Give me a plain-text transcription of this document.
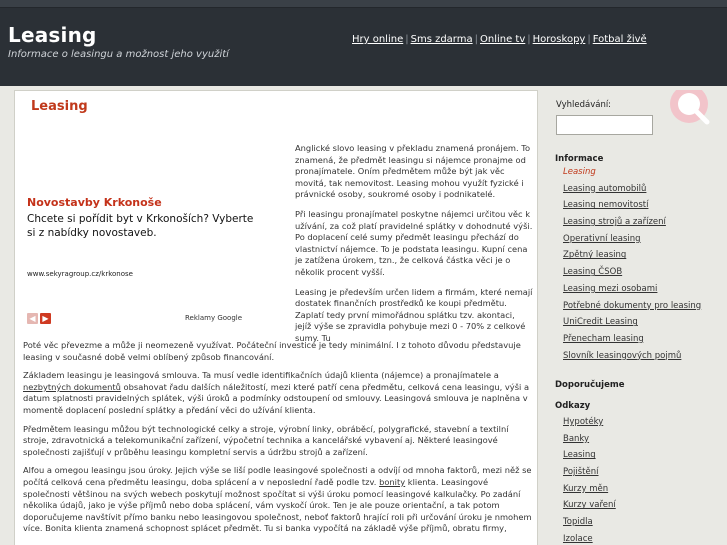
Leasing
Informace o leasingu a možnost jeho využití
Hry online | Sms zdarma | Online tv | Horoskopy | Fotbal živě
Leasing
Novostavby Krkonoše
Chcete si pořídit byt v Krkonoších? Vyberte si z nabídky novostaveb.
www.sekyragroup.cz/krkonose
◀ ▶	Reklamy Google

Anglické slovo leasing v překladu znamená pronájem. To znamená, že předmět leasingu si nájemce pronajme od pronajímatele. Oním předmětem může být jak věc movitá, tak nemovitost. Leasing mohou využít fyzické i právnické osoby, soukromé osoby i podnikatelé.

Při leasingu pronajímatel poskytne nájemci určitou věc k užívání, za což platí pravidelné splátky v dohodnuté výši. Po doplacení celé sumy předmět leasingu přechází do vlastnictví nájemce. To je podstata leasingu. Kupní cena je zatížena úrokem, tzn., že celková částka věci je o několik procent vyšší.

Leasing je především určen lidem a firmám, které nemají dostatek finančních prostředků ke koupi předmětu. Zaplatí tedy první mimořádnou splátku tzv. akontaci, jejíž výše se zpravidla pohybuje mezi 0 - 70% z celkové sumy. Tu

Poté věc převezme a může ji neomezeně využívat. Počáteční investice je tedy minimální. I z tohoto důvodu představuje leasing v současné době velmi oblíbený způsob financování.

Základem leasingu je leasingová smlouva. Ta musí vedle identifikačních údajů klienta (nájemce) a pronajímatele a nezbytných dokumentů obsahovat řadu dalších náležitostí, mezi které patří cena předmětu, celková cena leasingu, výši a datum splatnosti pravidelných splátek, výši úroků a podmínky odstoupení od smlouvy. Leasingová smlouva je naplněna v momentě doplacení poslední splátky a předání věci do užívání klienta.

Předmětem leasingu můžou být technologické celky a stroje, výrobní linky, obráběcí, polygrafické, stavební a textilní stroje, zdravotnická a telekomunikační zařízení, výpočetní technika a kancelářské vybavení aj. Některé leasingové společnosti zajišťují v průběhu leasingu kompletní servis a údržbu strojů a zařízení.

Alfou a omegou leasingu jsou úroky. Jejich výše se liší podle leasingové společnosti a odvíjí od mnoha faktorů, mezi něž se počítá celková cena předmětu leasingu, doba splácení a v neposlední řadě podle tzv. bonity klienta. Leasingové společnosti většinou na svých webech poskytují možnost spočítat si výši úroku pomocí leasingové kalkulačky. Po zadání několika údajů, jako je výše příjmů nebo doba splácení, vám vyskočí úrok. Ten je ale pouze orientační, a tak potom doporučujeme navštívit přímo banku nebo leasingovou společnost, neboť faktorů hrající roli při určování úroku je nmohem více. Bonita klienta znamená schopnost splácet předmět. Tu si banka vypočítá na základě výše příjmů, obratu firmy,

Vyhledávání:
Informace
Leasing
Leasing automobilů
Leasing nemovitostí
Leasing strojů a zařízení
Operativní leasing
Zpětný leasing
Leasing ČSOB
Leasing mezi osobami
Potřebné dokumenty pro leasing
UniCredit Leasing
Přenecham leasing
Slovník leasingových pojmů
Doporučujeme
Odkazy
Hypotéky
Banky
Leasing
Pojištění
Kurzy měn
Kurzy vaření
Topidla
Izolace
